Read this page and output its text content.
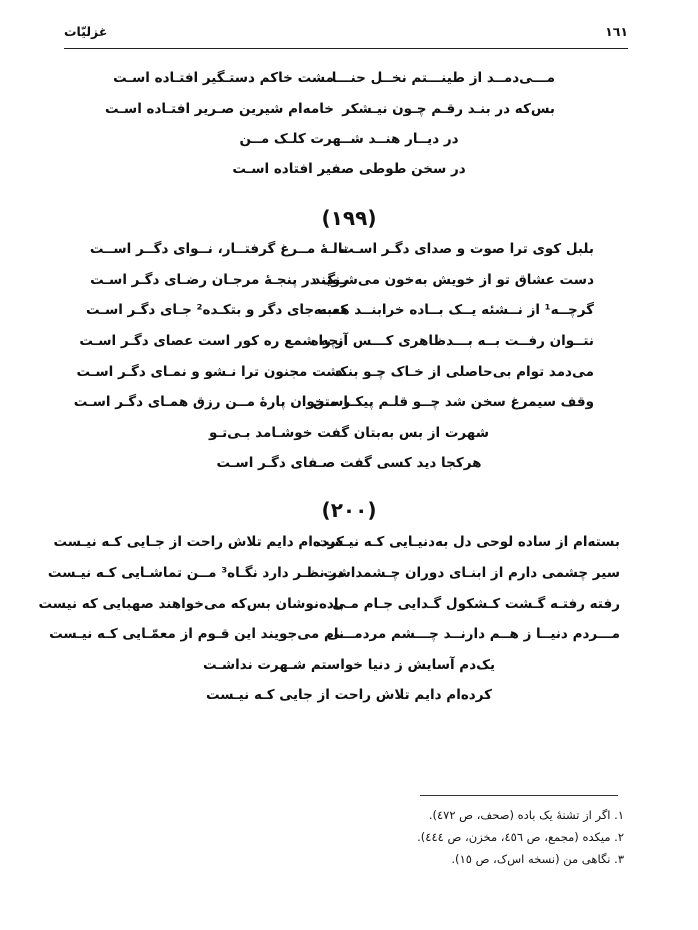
١٦١
غزلیّات
مـــی‌دمــد از طینـــتم نخــل حنـــا
مشت خاکم دستـگیر افتـاده اسـت
بس‌که در بنـد رقـم چـون نیـشکر
خامه‌ام شیرین صـریر افتـاده اسـت
در دیــار هنــد شــهرت کلـک مــن
در سخن طوطی صفیر افتاده اسـت
(۱۹۹)
بلبل کوی ترا صوت و صدای دگـر اسـت
نالـۀ مــرغ گرفتــار، نــوای دگــر اســت
دست عشاق تو از خویش به‌خون می‌شـویند
رنگ در پنجـۀ مرجـان رضـای دگـر اسـت
گرچــه¹ از نــشئه یــک بــاده خرابنــد همــه
کعبه جای دگر و بتکـده² جـای دگـر اسـت
نتــوان رفــت بــه بـــدظاهری کـــس از راه
آنچه شمع ره کور است عصای دگـر اسـت
می‌دمد توام بی‌حاصلی از خـاک چـو بنـد
کشت مجنون ترا نـشو و نمـای دگـر اسـت
وقف سیمرغ سخن شد چــو قلـم پیکـر مـن
استخوان پارۀ مــن رزق همـای دگـر اسـت
شهرت از بس به‌بتان گفت خوشـامد بـی‌تـو
هرکجا دید کسی گفت صـفای دگـر اسـت
(۲۰۰)
بسته‌ام از ساده لوحی دل به‌دنیـایی کـه نیـست
کرده‌ام دایم تلاش راحت از جـایی کـه نیـست
سیر چشمی دارم از ابنـای دوران چـشمداشت
در نظـر دارد نگـاه³ مــن تماشـایی کـه نیـست
رفته رفتـه گـشت کـشکول گـدایی جـام مـی
باده‌نوشان بس‌که می‌خواهند صهبایی که نیست
مـــردم دنیــا ز هــم دارنــد چـــشم مردمـــی
نام می‌جویند این قـوم از معمّـایی کـه نیـست
یک‌دم آسایش ز دنیا خواستم شـهرت نداشـت
کرده‌ام دایم تلاش راحت از جایی کـه نیـست
۱. اگر از تشنۀ یک باده (صحف، ص ٤٧٢).
۲. میکده (مجمع، ص ٤٥٦، مخزن، ص ٤٤٤).
۳. نگاهی من (نسخه اس‌ک، ص ١٥).
